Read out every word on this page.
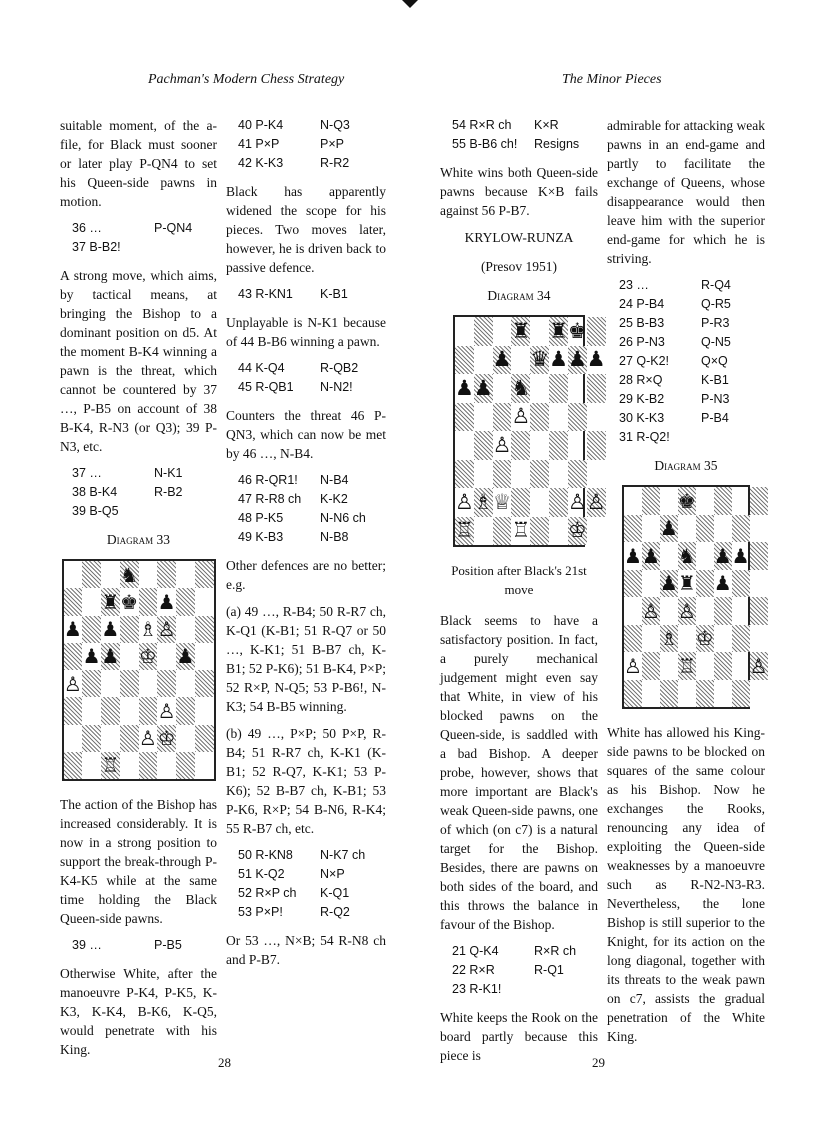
Pachman's Modern Chess Strategy	The Minor Pieces

suitable moment, of the a-file, for Black must sooner or later play P-QN4 to set his Queen-side pawns in motion.

36 …	P-QN4
37 B-B2!

A strong move, which aims, by tactical means, at bringing the Bishop to a dominant position on d5. At the moment B-K4 winning a pawn is the threat, which cannot be countered by 37 …, P-B5 on account of 38 B-K4, R-N3 (or Q3); 39 P-N3, etc.

37 …	N-K1
38 B-K4	R-B2
39 B-Q5
Diagram 33
♞
♜ ♚ ♟
♟ ♟ ♗ ♙
♟ ♟ ♔ ♟
♙
♙
♙ ♔
♖

The action of the Bishop has increased considerably. It is now in a strong position to support the break-through P-K4-K5 while at the same time holding the Black Queen-side pawns.

39 …	P-B5

Otherwise White, after the manoeuvre P-K4, P-K5, K-K3, K-K4, B-K6, K-Q5, would penetrate with his King.

40 P-K4	N-Q3
41 P×P	P×P
42 K-K3	R-R2

Black has apparently widened the scope for his pieces. Two moves later, however, he is driven back to passive defence.

43 R-KN1	K-B1

Unplayable is N-K1 because of 44 B-B6 winning a pawn.

44 K-Q4	R-QB2
45 R-QB1	N-N2!

Counters the threat 46 P-QN3, which can now be met by 46 …, N-B4.

46 R-QR1!	N-B4
47 R-R8 ch	K-K2
48 P-K5	N-N6 ch
49 K-B3	N-B8

Other defences are no better; e.g.

(a) 49 …, R-B4; 50 R-R7 ch, K-Q1 (K-B1; 51 R-Q7 or 50 …, K-K1; 51 B-B7 ch, K-B1; 52 P-K6); 51 B-K4, P×P; 52 R×P, N-Q5; 53 P-B6!, N-K3; 54 B-B5 winning.

(b) 49 …, P×P; 50 P×P, R-B4; 51 R-R7 ch, K-K1 (K-B1; 52 R-Q7, K-K1; 53 P-K6); 52 B-B7 ch, K-B1; 53 P-K6, R×P; 54 B-N6, R-K4; 55 R-B7 ch, etc.

50 R-KN8	N-K7 ch
51 K-Q2	N×P
52 R×P ch	K-Q1
53 P×P!	R-Q2

Or 53 …, N×B; 54 R-N8 ch and P-B7.

28
54 R×R ch	K×R
55 B-B6 ch!	Resigns

White wins both Queen-side pawns because K×B fails against 56 P-B7.

KRYLOW-RUNZA
(Presov 1951)
Diagram 34
♜ ♜ ♚
♟ ♛ ♟ ♟ ♟
♟ ♟ ♞
♙
♙
♙ ♗ ♕	♙ ♙
♖ ♖ ♔
Position after Black's 21st move

Black seems to have a satisfactory position. In fact, a purely mechanical judgement might even say that White, in view of his blocked pawns on the Queen-side, is saddled with a bad Bishop. A deeper probe, however, shows that more important are Black's weak Queen-side pawns, one of which (on c7) is a natural target for the Bishop. Besides, there are pawns on both sides of the board, and this throws the balance in favour of the Bishop.

21 Q-K4	R×R ch
22 R×R	R-Q1
23 R-K1!

White keeps the Rook on the board partly because this piece is

admirable for attacking weak pawns in an end-game and partly to facilitate the exchange of Queens, whose disappearance would then leave him with the superior end-game for which he is striving.

23 …	R-Q4
24 P-B4	Q-R5
25 B-B3	P-R3
26 P-N3	Q-N5
27 Q-K2!	Q×Q
28 R×Q	K-B1
29 K-B2	P-N3
30 K-K3	P-B4
31 R-Q2!
Diagram 35
♚
♟
♟ ♟ ♞ ♟ ♟
♟ ♜ ♟
♙ ♙
♗ ♔
♙ ♖	♙

White has allowed his King-side pawns to be blocked on squares of the same colour as his Bishop. Now he exchanges the Rooks, renouncing any idea of exploiting the Queen-side weaknesses by a manoeuvre such as R-N2-N3-R3. Nevertheless, the lone Bishop is still superior to the Knight, for its action on the long diagonal, together with its threats to the weak pawn on c7, assists the gradual penetration of the White King.

29
